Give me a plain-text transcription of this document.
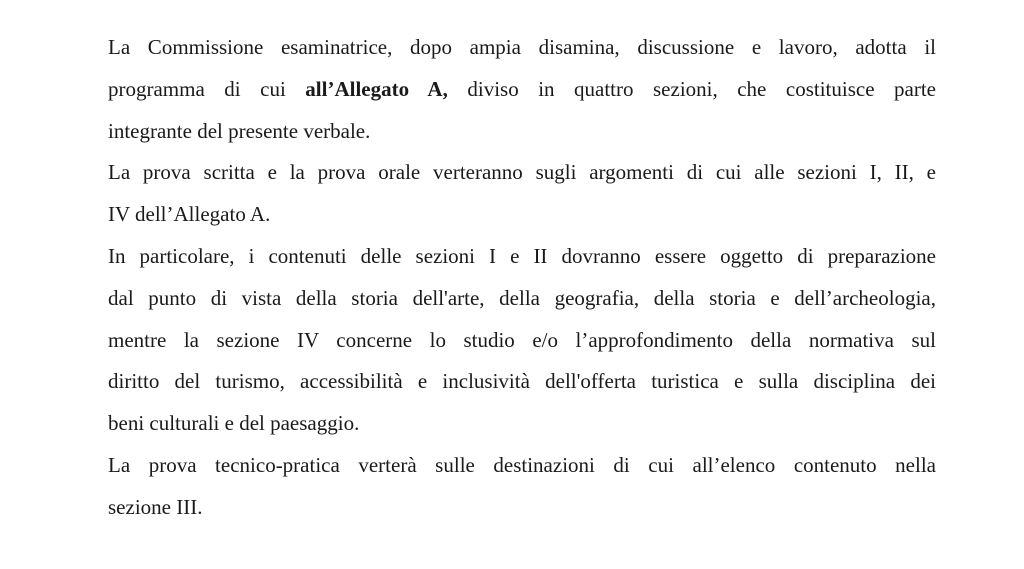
La Commissione esaminatrice, dopo ampia disamina, discussione e lavoro, adotta il
programma di cui all’Allegato A, diviso in quattro sezioni, che costituisce parte
integrante del presente verbale.
La prova scritta e la prova orale verteranno sugli argomenti di cui alle sezioni I, II, e
IV dell’Allegato A.
In particolare, i contenuti delle sezioni I e II dovranno essere oggetto di preparazione
dal punto di vista della storia dell'arte, della geografia, della storia e dell’archeologia,
mentre la sezione IV concerne lo studio e/o l’approfondimento della normativa sul
diritto del turismo, accessibilità e inclusività dell'offerta turistica e sulla disciplina dei
beni culturali e del paesaggio.
La prova tecnico-pratica verterà sulle destinazioni di cui all’elenco contenuto nella
sezione III.
